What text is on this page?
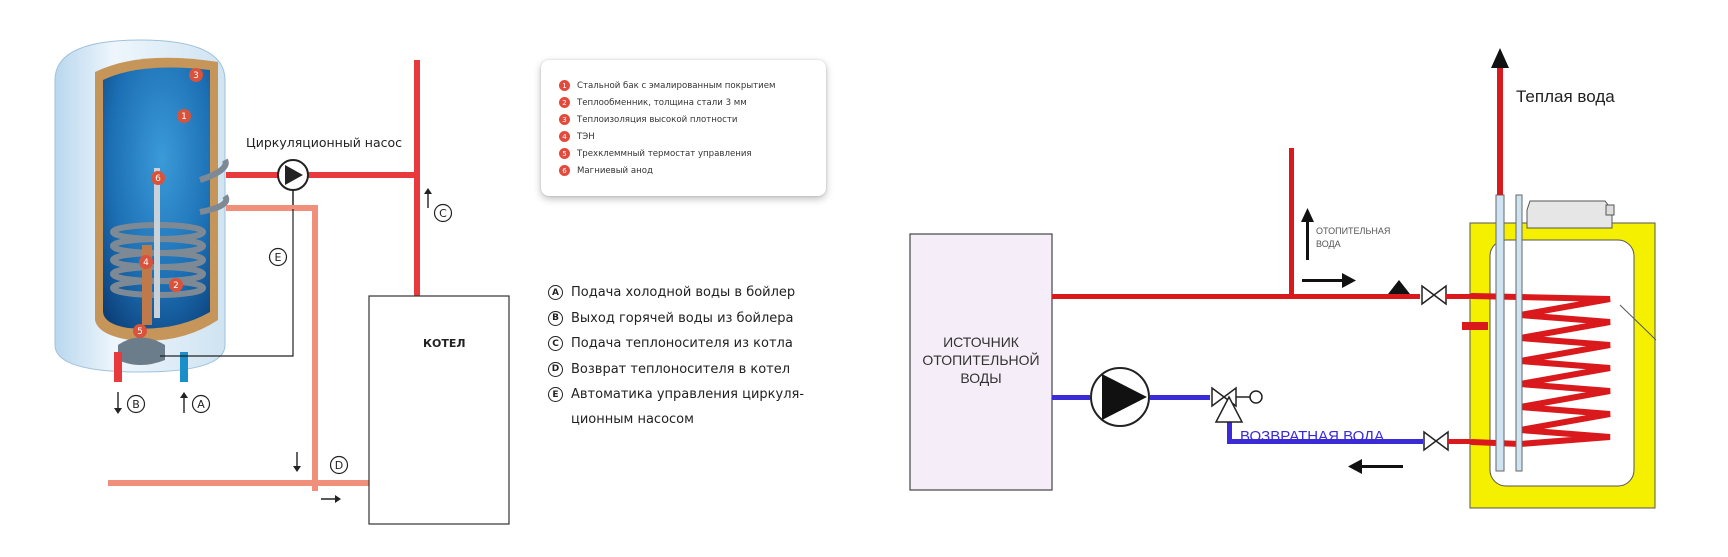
3
1
6
4
2
5
Циркуляционный насос
КОТЕЛ
B	A
C
D
E
ИСТОЧНИК
ОТОПИТЕЛЬНОЙ
ВОДЫ
ОТОПИТЕЛЬНАЯ
ВОДА
ВОЗВРАТНАЯ ВОДА
Теплая вода
1	Стальной бак с эмалированным покрытием
2	Теплообменник, толщина стали 3 мм
3	Теплоизоляция высокой плотности
4	ТЭН
5	Трехклеммный термостат управления
6	Магниевый анод
A Подача холодной воды в бойлер
B Выход горячей воды из бойлера
C Подача теплоносителя из котла
D Возврат теплоносителя в котел
E Автоматика управления циркуля-ционным насосом
